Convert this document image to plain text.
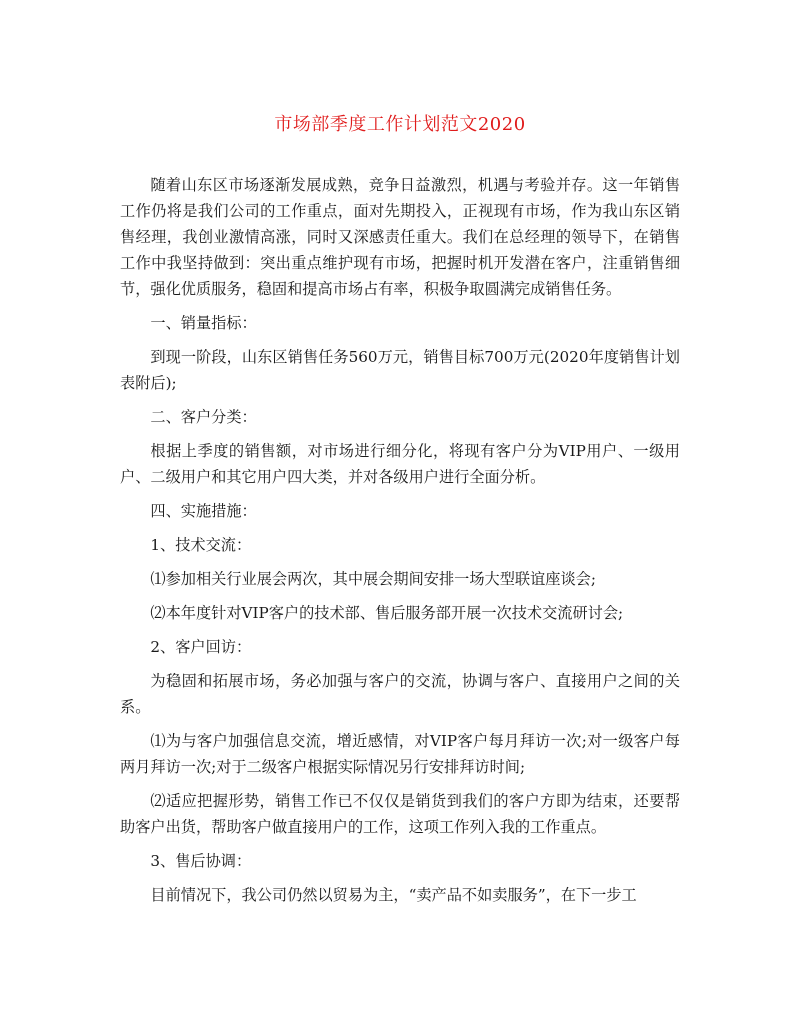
市场部季度工作计划范文2020

随着山东区市场逐渐发展成熟，竞争日益激烈，机遇与考验并存。这一年销售工作仍将是我们公司的工作重点，面对先期投入，正视现有市场，作为我山东区销售经理，我创业激情高涨，同时又深感责任重大。我们在总经理的领导下，在销售工作中我坚持做到：突出重点维护现有市场，把握时机开发潜在客户，注重销售细节，强化优质服务，稳固和提高市场占有率，积极争取圆满完成销售任务。

一、销量指标：

到现一阶段，山东区销售任务560万元，销售目标700万元(2020年度销售计划表附后);

二、客户分类：

根据上季度的销售额，对市场进行细分化，将现有客户分为VIP用户、一级用户、二级用户和其它用户四大类，并对各级用户进行全面分析。

四、实施措施：

1、技术交流：

⑴参加相关行业展会两次，其中展会期间安排一场大型联谊座谈会;

⑵本年度针对VIP客户的技术部、售后服务部开展一次技术交流研讨会;

2、客户回访：

为稳固和拓展市场，务必加强与客户的交流，协调与客户、直接用户之间的关系。

⑴为与客户加强信息交流，增近感情，对VIP客户每月拜访一次;对一级客户每两月拜访一次;对于二级客户根据实际情况另行安排拜访时间;

⑵适应把握形势，销售工作已不仅仅是销货到我们的客户方即为结束，还要帮助客户出货，帮助客户做直接用户的工作，这项工作列入我的工作重点。

3、售后协调：

目前情况下，我公司仍然以贸易为主，“卖产品不如卖服务”，在下一步工
